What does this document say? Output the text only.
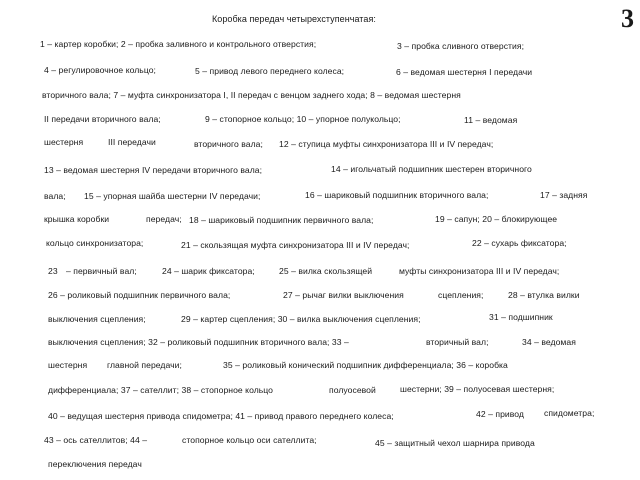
3
Коробка передач четырехступенчатая:
1 – картер коробки; 2 – пробка заливного и контрольного отверстия;	3 – пробка сливного отверстия;
4 – регулировочное кольцо;	5 – привод левого переднего колеса;	6 – ведомая шестерня I передачи
вторичного вала; 7 – муфта синхронизатора I, II передач с венцом заднего хода; 8 – ведомая шестерня
II передачи вторичного вала;	9 – стопорное кольцо; 10 – упорное полукольцо;	11 – ведомая
шестерня	III передачи	вторичного вала; 12 – ступица муфты синхронизатора III и IV передач;
13 – ведомая шестерня IV передачи вторичного вала;	14 – игольчатый подшипник шестерен вторичного
вала; 15 – упорная шайба шестерни IV передачи;	16 – шариковый подшипник вторичного вала;	17 – задняя
крышка коробки	передач; 18 – шариковый подшипник первичного вала;	19 – сапун; 20 – блокирующее
кольцо синхронизатора;	21 – скользящая муфта синхронизатора III и IV передач;	22 – сухарь фиксатора;
23 – первичный вал;	24 – шарик фиксатора;	25 – вилка скользящей	муфты синхронизатора III и IV передач;
26 – роликовый подшипник первичного вала;	27 – рычаг вилки выключения	сцепления;	28 – втулка вилки
выключения сцепления;	29 – картер сцепления; 30 – вилка выключения сцепления;	31 – подшипник
выключения сцепления; 32 – роликовый подшипник вторичного вала; 33 –	вторичный вал;	34 – ведомая
шестерня главной передачи;	35 – роликовый конический подшипник дифференциала; 36 – коробка
дифференциала; 37 – сателлит; 38 – стопорное кольцо	полуосевой	шестерни; 39 – полуосевая шестерня;
40 – ведущая шестерня привода спидометра; 41 – привод правого переднего колеса;	42 – привод спидометра;
43 – ось сателлитов; 44 –	стопорное кольцо оси сателлита;	45 – защитный чехол шарнира привода
переключения передач
